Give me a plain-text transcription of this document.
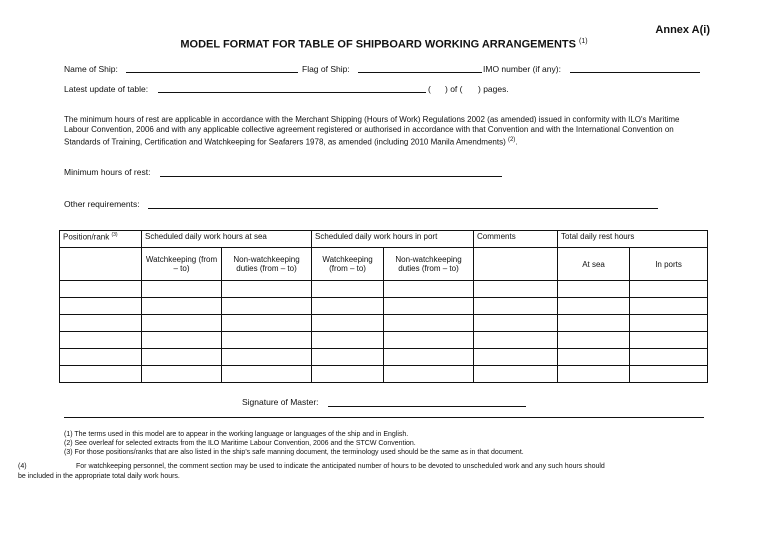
Annex A(i)
MODEL FORMAT FOR TABLE OF SHIPBOARD WORKING ARRANGEMENTS $^{(1)}$
Name of Ship:	Flag of Ship:	IMO number (if any):
Latest update of table:	( ) of ( ) pages.
The minimum hours of rest are applicable in accordance with the Merchant Shipping (Hours of Work) Regulations 2002 (as amended) issued in conformity with ILO's Maritime Labour Convention, 2006 and with any applicable collective agreement registered or authorised in accordance with that Convention and with the International Convention on Standards of Training, Certification and Watchkeeping for Seafarers 1978, as amended (including 2010 Manila Amendments) $^{(2)}$.
Minimum hours of rest:
Other requirements:
Position/rank $^{(3)}$	Scheduled daily work hours at sea		Scheduled daily work hours in port		Comments	Total daily rest hours	
	Watchkeeping (from – to)	Non-watchkeeping duties (from – to)	Watchkeeping (from – to)	Non-watchkeeping duties (from – to)		At sea	In ports

Signature of Master:
(1) The terms used in this model are to appear in the working language or languages of the ship and in English.
(2) See overleaf for selected extracts from the ILO Maritime Labour Convention, 2006 and the STCW Convention.
(3) For those positions/ranks that are also listed in the ship's safe manning document, the terminology used should be the same as in that document.
(4)	For watchkeeping personnel, the comment section may be used to indicate the anticipated number of hours to be devoted to unscheduled work and any such hours should
be included in the appropriate total daily work hours.
